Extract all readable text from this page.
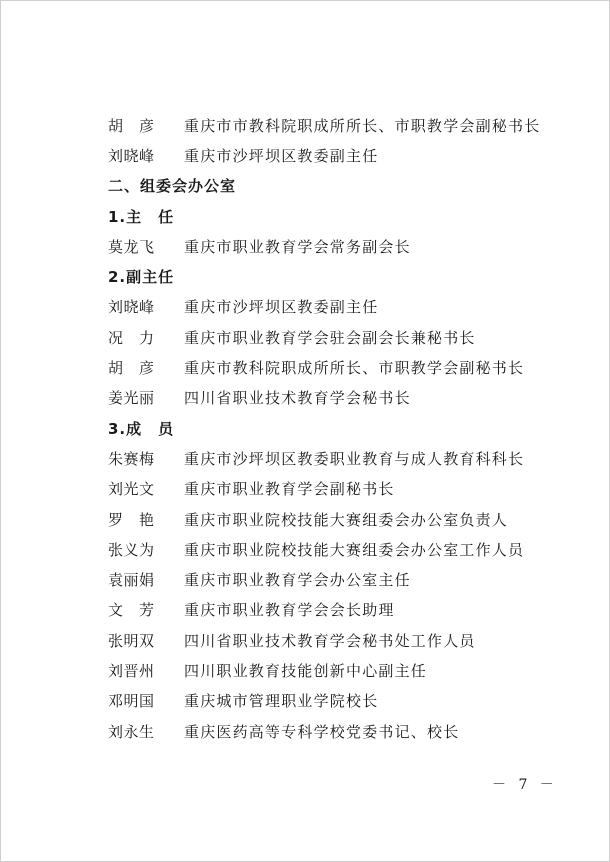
胡　彦	重庆市市教科院职成所所长、市职教学会副秘书长
刘晓峰	重庆市沙坪坝区教委副主任
二、组委会办公室
1.主　任
莫龙飞	重庆市职业教育学会常务副会长
2.副主任
刘晓峰	重庆市沙坪坝区教委副主任
况　力	重庆市职业教育学会驻会副会长兼秘书长
胡　彦	重庆市教科院职成所所长、市职教学会副秘书长
姜光丽	四川省职业技术教育学会秘书长
3.成　员
朱赛梅	重庆市沙坪坝区教委职业教育与成人教育科科长
刘光文	重庆市职业教育学会副秘书长
罗　艳	重庆市职业院校技能大赛组委会办公室负责人
张义为	重庆市职业院校技能大赛组委会办公室工作人员
袁丽娟	重庆市职业教育学会办公室主任
文　芳	重庆市职业教育学会会长助理
张明双	四川省职业技术教育学会秘书处工作人员
刘晋州	四川职业教育技能创新中心副主任
邓明国	重庆城市管理职业学院校长
刘永生	重庆医药高等专科学校党委书记、校长
－ 7 －
